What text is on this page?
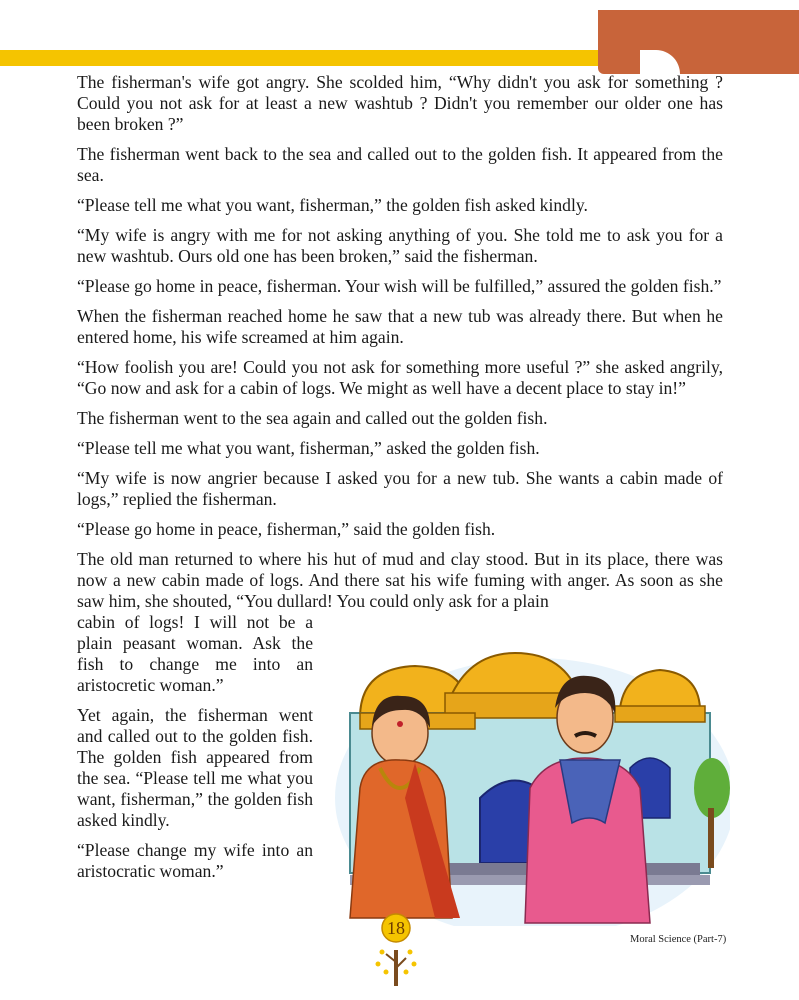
The fisherman's wife got angry. She scolded him, “Why didn't you ask for something ? Could you not ask for at least a new washtub ? Didn't you remember our older one has been broken ?”

The fisherman went back to the sea and called out to the golden fish. It appeared from the sea.

“Please tell me what you want, fisherman,” the golden fish asked kindly.

“My wife is angry with me for not asking anything of you. She told me to ask you for a new washtub. Ours old one has been broken,” said the fisherman.

“Please go home in peace, fisherman. Your wish will be fulfilled,” assured the golden fish.”

When the fisherman reached home he saw that a new tub was already there. But when he entered home, his wife screamed at him again.

“How foolish you are! Could you not ask for something more useful ?” she asked angrily, “Go now and ask for a cabin of logs. We might as well have a decent place to stay in!”

The fisherman went to the sea again and called out the golden fish.

“Please tell me what you want, fisherman,” asked the golden fish.

“My wife is now angrier because I asked you for a new tub. She wants a cabin made of logs,” replied the fisherman.

“Please go home in peace, fisherman,” said the golden fish.

The old man returned to where his hut of mud and clay stood. But in its place, there was now a new cabin made of logs. And there sat his wife fuming with anger. As soon as she saw him, she shouted, “You dullard! You could only ask for a plain

cabin of logs! I will not be a plain peasant woman. Ask the fish to change me into an aristocretic woman.”

Yet again, the fisherman went and called out to the golden fish. The golden fish appeared from the sea. “Please tell me what you want, fisherman,” the golden fish asked kindly.

“Please change my wife into an aristocratic woman.”

18
Moral Science (Part-7)
